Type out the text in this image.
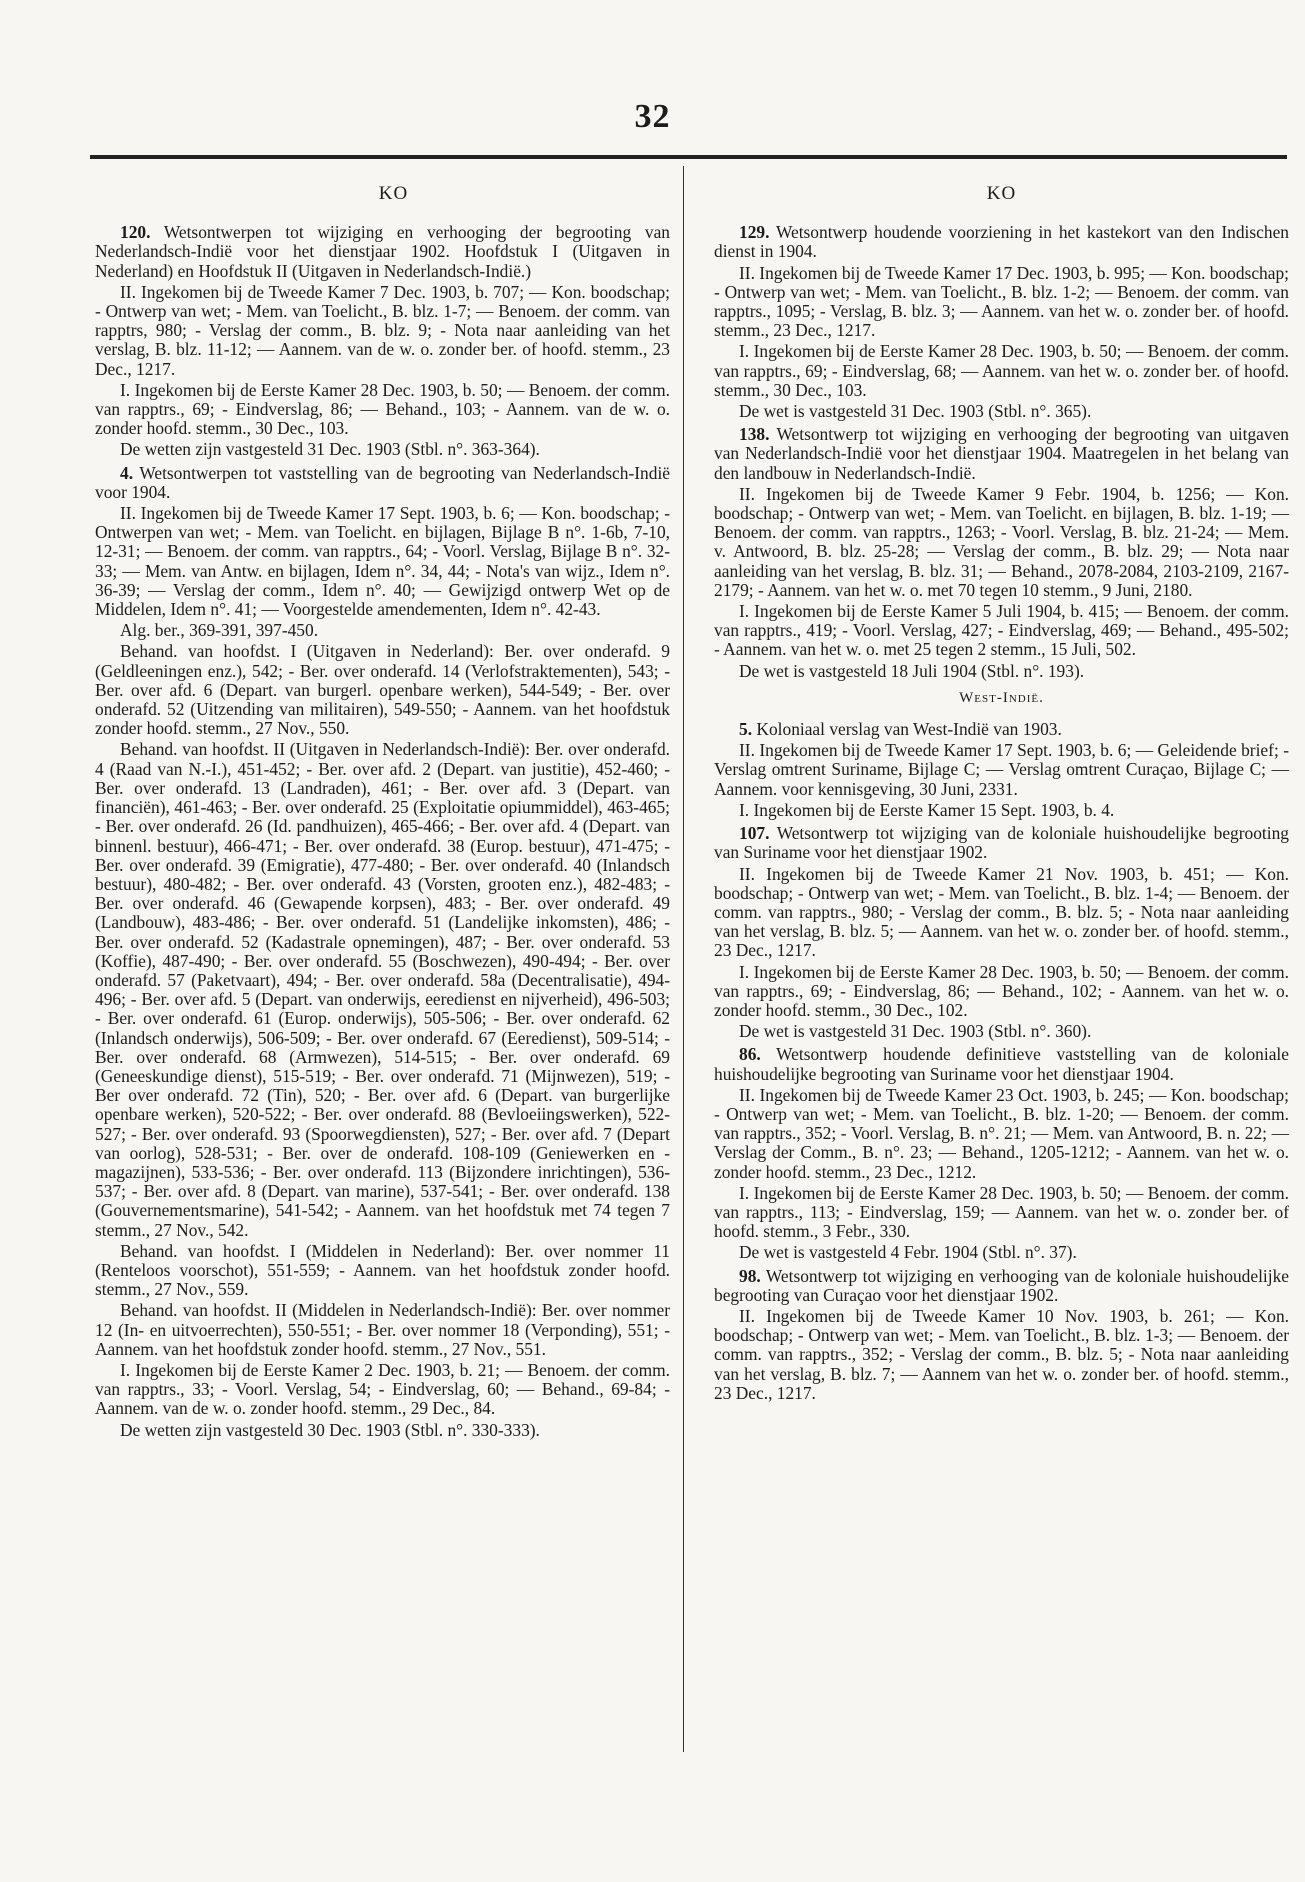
32
KO
120. Wetsontwerpen tot wijziging en verhooging der begrooting van Nederlandsch-Indië voor het dienstjaar 1902. Hoofdstuk I (Uitgaven in Nederland) en Hoofdstuk II (Uitgaven in Nederlandsch-Indië.)
II. Ingekomen bij de Tweede Kamer 7 Dec. 1903, b. 707; — Kon. boodschap; - Ontwerp van wet; - Mem. van Toelicht., B. blz. 1-7; — Benoem. der comm. van rapptrs, 980; - Verslag der comm., B. blz. 9; - Nota naar aanleiding van het verslag, B. blz. 11-12; — Aannem. van de w. o. zonder ber. of hoofd. stemm., 23 Dec., 1217.
I. Ingekomen bij de Eerste Kamer 28 Dec. 1903, b. 50; — Benoem. der comm. van rapptrs., 69; - Eindverslag, 86; — Behand., 103; - Aannem. van de w. o. zonder hoofd. stemm., 30 Dec., 103.
De wetten zijn vastgesteld 31 Dec. 1903 (Stbl. n°. 363-364).
4. Wetsontwerpen tot vaststelling van de begrooting van Nederlandsch-Indië voor 1904.
II. Ingekomen bij de Tweede Kamer 17 Sept. 1903, b. 6; — Kon. boodschap; - Ontwerpen van wet; - Mem. van Toelicht. en bijlagen, Bijlage B n°. 1-6b, 7-10, 12-31; — Benoem. der comm. van rapptrs., 64; - Voorl. Verslag, Bijlage B n°. 32-33; — Mem. van Antw. en bijlagen, Idem n°. 34, 44; - Nota's van wijz., Idem n°. 36-39; — Verslag der comm., Idem n°. 40; — Gewijzigd ontwerp Wet op de Middelen, Idem n°. 41; — Voorgestelde amendementen, Idem n°. 42-43.
Alg. ber., 369-391, 397-450.
Behand. van hoofdst. I (Uitgaven in Nederland): Ber. over onderafd. 9 (Geldleeningen enz.), 542; - Ber. over onderafd. 14 (Verlofstraktementen), 543; - Ber. over afd. 6 (Depart. van burgerl. openbare werken), 544-549; - Ber. over onderafd. 52 (Uitzending van militairen), 549-550; - Aannem. van het hoofdstuk zonder hoofd. stemm., 27 Nov., 550.
Behand. van hoofdst. II (Uitgaven in Nederlandsch-Indië): Ber. over onderafd. 4 (Raad van N.-I.), 451-452; - Ber. over afd. 2 (Depart. van justitie), 452-460; - Ber. over onderafd. 13 (Landraden), 461; - Ber. over afd. 3 (Depart. van financiën), 461-463; - Ber. over onderafd. 25 (Exploitatie opiummiddel), 463-465; - Ber. over onderafd. 26 (Id. pandhuizen), 465-466; - Ber. over afd. 4 (Depart. van binnenl. bestuur), 466-471; - Ber. over onderafd. 38 (Europ. bestuur), 471-475; - Ber. over onderafd. 39 (Emigratie), 477-480; - Ber. over onderafd. 40 (Inlandsch bestuur), 480-482; - Ber. over onderafd. 43 (Vorsten, grooten enz.), 482-483; - Ber. over onderafd. 46 (Gewapende korpsen), 483; - Ber. over onderafd. 49 (Landbouw), 483-486; - Ber. over onderafd. 51 (Landelijke inkomsten), 486; - Ber. over onderafd. 52 (Kadastrale opnemingen), 487; - Ber. over onderafd. 53 (Koffie), 487-490; - Ber. over onderafd. 55 (Boschwezen), 490-494; - Ber. over onderafd. 57 (Paketvaart), 494; - Ber. over onderafd. 58a (Decentralisatie), 494-496; - Ber. over afd. 5 (Depart. van onderwijs, eeredienst en nijverheid), 496-503; - Ber. over onderafd. 61 (Europ. onderwijs), 505-506; - Ber. over onderafd. 62 (Inlandsch onderwijs), 506-509; - Ber. over onderafd. 67 (Eeredienst), 509-514; - Ber. over onderafd. 68 (Armwezen), 514-515; - Ber. over onderafd. 69 (Geneeskundige dienst), 515-519; - Ber. over onderafd. 71 (Mijnwezen), 519; - Ber over onderafd. 72 (Tin), 520; - Ber. over afd. 6 (Depart. van burgerlijke openbare werken), 520-522; - Ber. over onderafd. 88 (Bevloeiingswerken), 522-527; - Ber. over onderafd. 93 (Spoorwegdiensten), 527; - Ber. over afd. 7 (Depart van oorlog), 528-531; - Ber. over de onderafd. 108-109 (Geniewerken en -magazijnen), 533-536; - Ber. over onderafd. 113 (Bijzondere inrichtingen), 536-537; - Ber. over afd. 8 (Depart. van marine), 537-541; - Ber. over onderafd. 138 (Gouvernementsmarine), 541-542; - Aannem. van het hoofdstuk met 74 tegen 7 stemm., 27 Nov., 542.
Behand. van hoofdst. I (Middelen in Nederland): Ber. over nommer 11 (Renteloos voorschot), 551-559; - Aannem. van het hoofdstuk zonder hoofd. stemm., 27 Nov., 559.
Behand. van hoofdst. II (Middelen in Nederlandsch-Indië): Ber. over nommer 12 (In- en uitvoerrechten), 550-551; - Ber. over nommer 18 (Verponding), 551; - Aannem. van het hoofdstuk zonder hoofd. stemm., 27 Nov., 551.
I. Ingekomen bij de Eerste Kamer 2 Dec. 1903, b. 21; — Benoem. der comm. van rapptrs., 33; - Voorl. Verslag, 54; - Eindverslag, 60; — Behand., 69-84; - Aannem. van de w. o. zonder hoofd. stemm., 29 Dec., 84.
De wetten zijn vastgesteld 30 Dec. 1903 (Stbl. n°. 330-333).
KO
129. Wetsontwerp houdende voorziening in het kastekort van den Indischen dienst in 1904.
II. Ingekomen bij de Tweede Kamer 17 Dec. 1903, b. 995; — Kon. boodschap; - Ontwerp van wet; - Mem. van Toelicht., B. blz. 1-2; — Benoem. der comm. van rapptrs., 1095; - Verslag, B. blz. 3; — Aannem. van het w. o. zonder ber. of hoofd. stemm., 23 Dec., 1217.
I. Ingekomen bij de Eerste Kamer 28 Dec. 1903, b. 50; — Benoem. der comm. van rapptrs., 69; - Eindverslag, 68; — Aannem. van het w. o. zonder ber. of hoofd. stemm., 30 Dec., 103.
De wet is vastgesteld 31 Dec. 1903 (Stbl. n°. 365).
138. Wetsontwerp tot wijziging en verhooging der begrooting van uitgaven van Nederlandsch-Indië voor het dienstjaar 1904. Maatregelen in het belang van den landbouw in Nederlandsch-Indië.
II. Ingekomen bij de Tweede Kamer 9 Febr. 1904, b. 1256; — Kon. boodschap; - Ontwerp van wet; - Mem. van Toelicht. en bijlagen, B. blz. 1-19; — Benoem. der comm. van rapptrs., 1263; - Voorl. Verslag, B. blz. 21-24; — Mem. v. Antwoord, B. blz. 25-28; — Verslag der comm., B. blz. 29; — Nota naar aanleiding van het verslag, B. blz. 31; — Behand., 2078-2084, 2103-2109, 2167-2179; - Aannem. van het w. o. met 70 tegen 10 stemm., 9 Juni, 2180.
I. Ingekomen bij de Eerste Kamer 5 Juli 1904, b. 415; — Benoem. der comm. van rapptrs., 419; - Voorl. Verslag, 427; - Eindverslag, 469; — Behand., 495-502; - Aannem. van het w. o. met 25 tegen 2 stemm., 15 Juli, 502.
De wet is vastgesteld 18 Juli 1904 (Stbl. n°. 193).
West-Indië.
5. Koloniaal verslag van West-Indië van 1903.
II. Ingekomen bij de Tweede Kamer 17 Sept. 1903, b. 6; — Geleidende brief; - Verslag omtrent Suriname, Bijlage C; — Verslag omtrent Curaçao, Bijlage C; — Aannem. voor kennisgeving, 30 Juni, 2331.
I. Ingekomen bij de Eerste Kamer 15 Sept. 1903, b. 4.
107. Wetsontwerp tot wijziging van de koloniale huishoudelijke begrooting van Suriname voor het dienstjaar 1902.
II. Ingekomen bij de Tweede Kamer 21 Nov. 1903, b. 451; — Kon. boodschap; - Ontwerp van wet; - Mem. van Toelicht., B. blz. 1-4; — Benoem. der comm. van rapptrs., 980; - Verslag der comm., B. blz. 5; - Nota naar aanleiding van het verslag, B. blz. 5; — Aannem. van het w. o. zonder ber. of hoofd. stemm., 23 Dec., 1217.
I. Ingekomen bij de Eerste Kamer 28 Dec. 1903, b. 50; — Benoem. der comm. van rapptrs., 69; - Eindverslag, 86; — Behand., 102; - Aannem. van het w. o. zonder hoofd. stemm., 30 Dec., 102.
De wet is vastgesteld 31 Dec. 1903 (Stbl. n°. 360).
86. Wetsontwerp houdende definitieve vaststelling van de koloniale huishoudelijke begrooting van Suriname voor het dienstjaar 1904.
II. Ingekomen bij de Tweede Kamer 23 Oct. 1903, b. 245; — Kon. boodschap; - Ontwerp van wet; - Mem. van Toelicht., B. blz. 1-20; — Benoem. der comm. van rapptrs., 352; - Voorl. Verslag, B. n°. 21; — Mem. van Antwoord, B. n. 22; — Verslag der Comm., B. n°. 23; — Behand., 1205-1212; - Aannem. van het w. o. zonder hoofd. stemm., 23 Dec., 1212.
I. Ingekomen bij de Eerste Kamer 28 Dec. 1903, b. 50; — Benoem. der comm. van rapptrs., 113; - Eindverslag, 159; — Aannem. van het w. o. zonder ber. of hoofd. stemm., 3 Febr., 330.
De wet is vastgesteld 4 Febr. 1904 (Stbl. n°. 37).
98. Wetsontwerp tot wijziging en verhooging van de koloniale huishoudelijke begrooting van Curaçao voor het dienstjaar 1902.
II. Ingekomen bij de Tweede Kamer 10 Nov. 1903, b. 261; — Kon. boodschap; - Ontwerp van wet; - Mem. van Toelicht., B. blz. 1-3; — Benoem. der comm. van rapptrs., 352; - Verslag der comm., B. blz. 5; - Nota naar aanleiding van het verslag, B. blz. 7; — Aannem van het w. o. zonder ber. of hoofd. stemm., 23 Dec., 1217.
